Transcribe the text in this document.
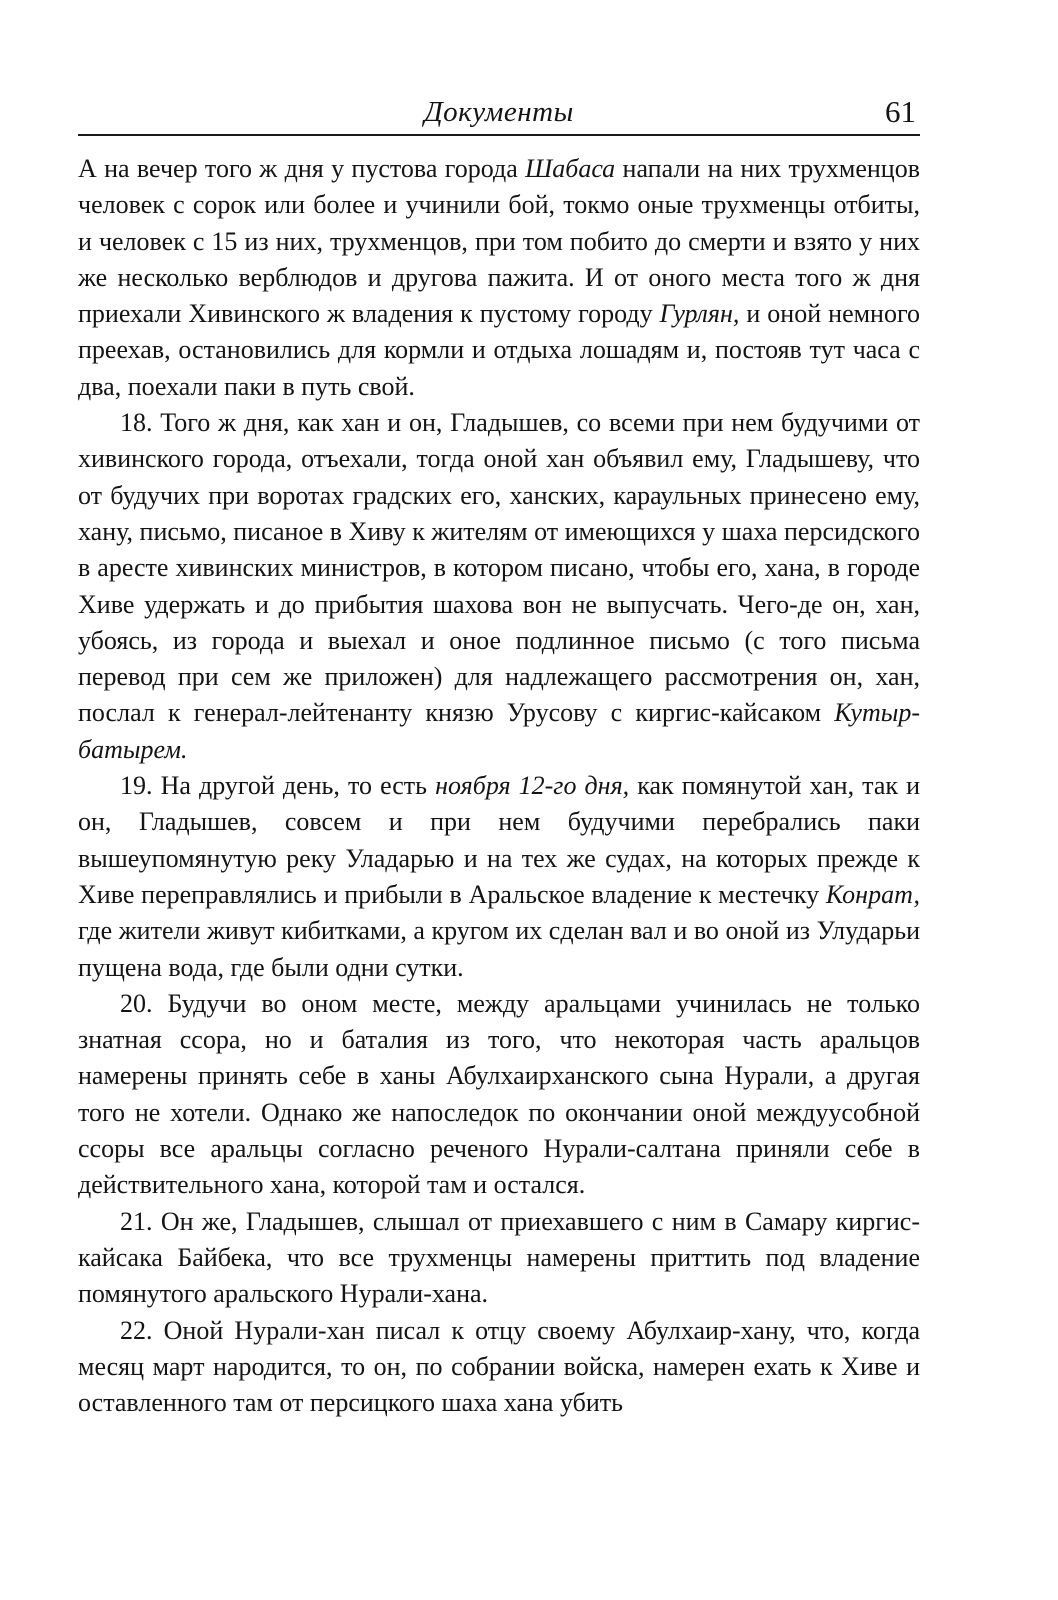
Документы	61

А на вечер того ж дня у пустова города Шабаса напали на них трухменцов человек с сорок или более и учинили бой, токмо оные трухменцы отбиты, и человек с 15 из них, трухменцов, при том побито до смерти и взято у них же несколько верблюдов и другова пажита. И от оного места того ж дня приехали Хивинского ж владения к пустому городу Гурлян, и оной немного преехав, остановились для кормли и отдыха лошадям и, постояв тут часа с два, поехали паки в путь свой.

18. Того ж дня, как хан и он, Гладышев, со всеми при нем будучими от хивинского города, отъехали, тогда оной хан объявил ему, Гладышеву, что от будучих при воротах градских его, ханских, караульных принесено ему, хану, письмо, писаное в Хиву к жителям от имеющихся у шаха персидского в аресте хивинских министров, в котором писано, чтобы его, хана, в городе Хиве удержать и до прибытия шахова вон не выпусчать. Чего-де он, хан, убоясь, из города и выехал и оное подлинное письмо (с того письма перевод при сем же приложен) для надлежащего рассмотрения он, хан, послал к генерал-лейтенанту князю Урусову с киргис-кайсаком Кутыр-батырем.

19. На другой день, то есть ноября 12-го дня, как помянутой хан, так и он, Гладышев, совсем и при нем будучими перебрались паки вышеупомянутую реку Уладарью и на тех же судах, на которых прежде к Хиве переправлялись и прибыли в Аральское владение к местечку Конрат, где жители живут кибитками, а кругом их сделан вал и во оной из Улударьи пущена вода, где были одни сутки.

20. Будучи во оном месте, между аральцами учинилась не только знатная ссора, но и баталия из того, что некоторая часть аральцов намерены принять себе в ханы Абулхаирханского сына Нурали, а другая того не хотели. Однако же напоследок по окончании оной междуусобной ссоры все аральцы согласно реченого Нурали-салтана приняли себе в действительного хана, которой там и остался.

21. Он же, Гладышев, слышал от приехавшего с ним в Самару киргис-кайсака Байбека, что все трухменцы намерены приттить под владение помянутого аральского Нурали-хана.

22. Оной Нурали-хан писал к отцу своему Абулхаир-хану, что, когда месяц март народится, то он, по собрании войска, намерен ехать к Хиве и оставленного там от персицкого шаха хана убить
